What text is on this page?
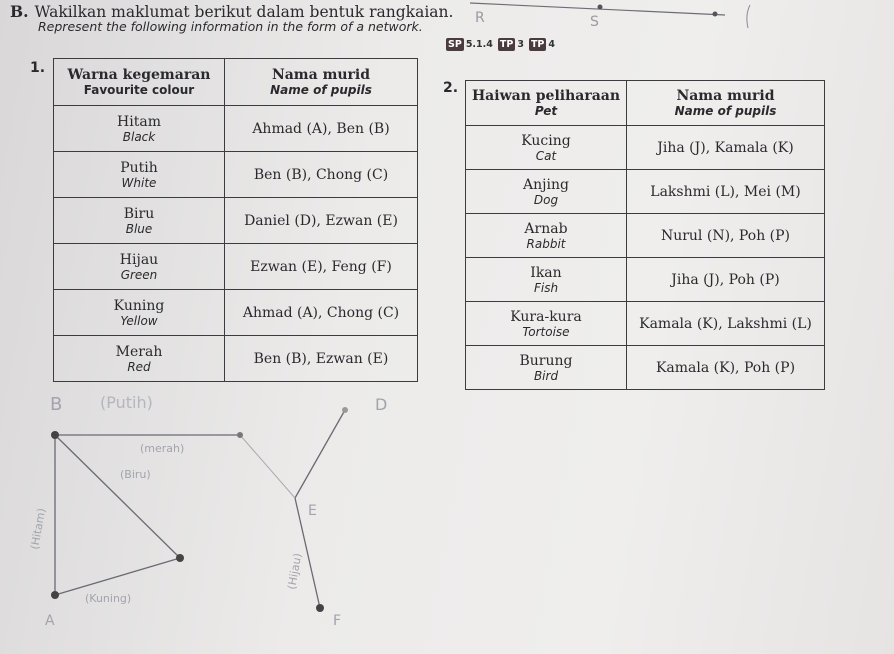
B. Wakilkan maklumat berikut dalam bentuk rangkaian.
Represent the following information in the form of a network.
SP 5.1.4 TP 3 TP 4
1.	Warna kegemaran
Favourite colour	Nama murid
Name of pupils

Hitam
Black	Ahmad (A), Ben (B)

Putih
White	Ben (B), Chong (C)

Biru
Blue	Daniel (D), Ezwan (E)

Hijau
Green	Ezwan (E), Feng (F)

Kuning
Yellow	Ahmad (A), Chong (C)

Merah
Red	Ben (B), Ezwan (E)
2. Haiwan peliharaan
Pet	Nama murid
Name of pupils

Kucing
Cat	Jiha (J), Kamala (K)

Anjing
Dog	Lakshmi (L), Mei (M)

Arnab
Rabbit	Nurul (N), Poh (P)

Ikan
Fish	Jiha (J), Poh (P)

Kura-kura
Tortoise	Kamala (K), Lakshmi (L)

Burung
Bird	Kamala (K), Poh (P)
R	S
B
A
D
E
F
(Putih)
(merah)
(Biru)
(Kuning)
(Hitam)
(Hijau)
